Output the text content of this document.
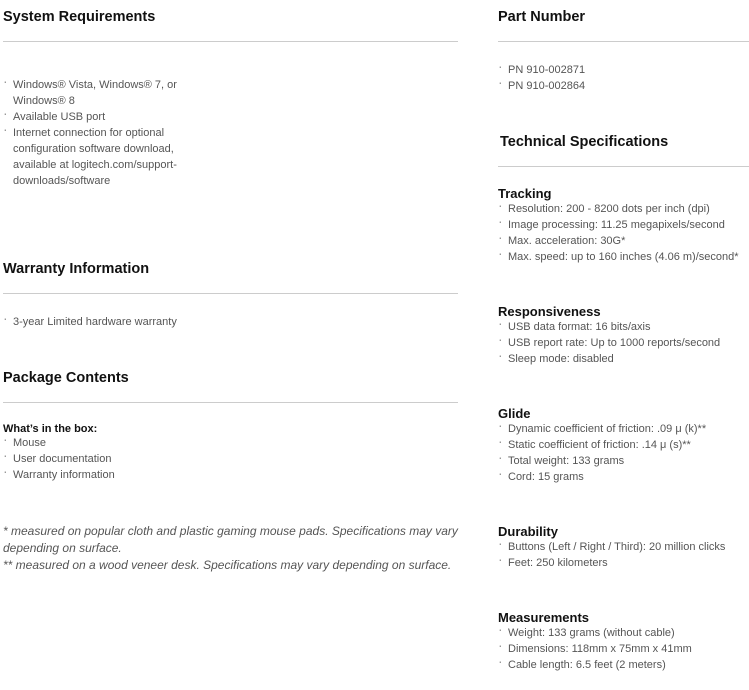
System Requirements
· Windows® Vista, Windows® 7, or Windows® 8
· Available USB port
· Internet connection for optional configuration software download, available at logitech.com/support-downloads/software
Warranty Information
· 3-year Limited hardware warranty
Package Contents
What’s in the box:
· Mouse
· User documentation
· Warranty information

* measured on popular cloth and plastic gaming mouse pads. Specifications may vary depending on surface.

** measured on a wood veneer desk. Specifications may vary depending on surface.

Part Number
· PN 910-002871
· PN 910-002864
Technical Specifications
Tracking
· Resolution: 200 - 8200 dots per inch (dpi)
· Image processing: 11.25 megapixels/second
· Max. acceleration: 30G*
· Max. speed: up to 160 inches (4.06 m)/second*
Responsiveness
· USB data format: 16 bits/axis
· USB report rate: Up to 1000 reports/second
· Sleep mode: disabled
Glide
· Dynamic coefficient of friction: .09 μ (k)**
· Static coefficient of friction: .14 μ (s)**
· Total weight: 133 grams
· Cord: 15 grams
Durability
· Buttons (Left / Right / Third): 20 million clicks
· Feet: 250 kilometers
Measurements
· Weight: 133 grams (without cable)
· Dimensions: 118mm x 75mm x 41mm
· Cable length: 6.5 feet (2 meters)
